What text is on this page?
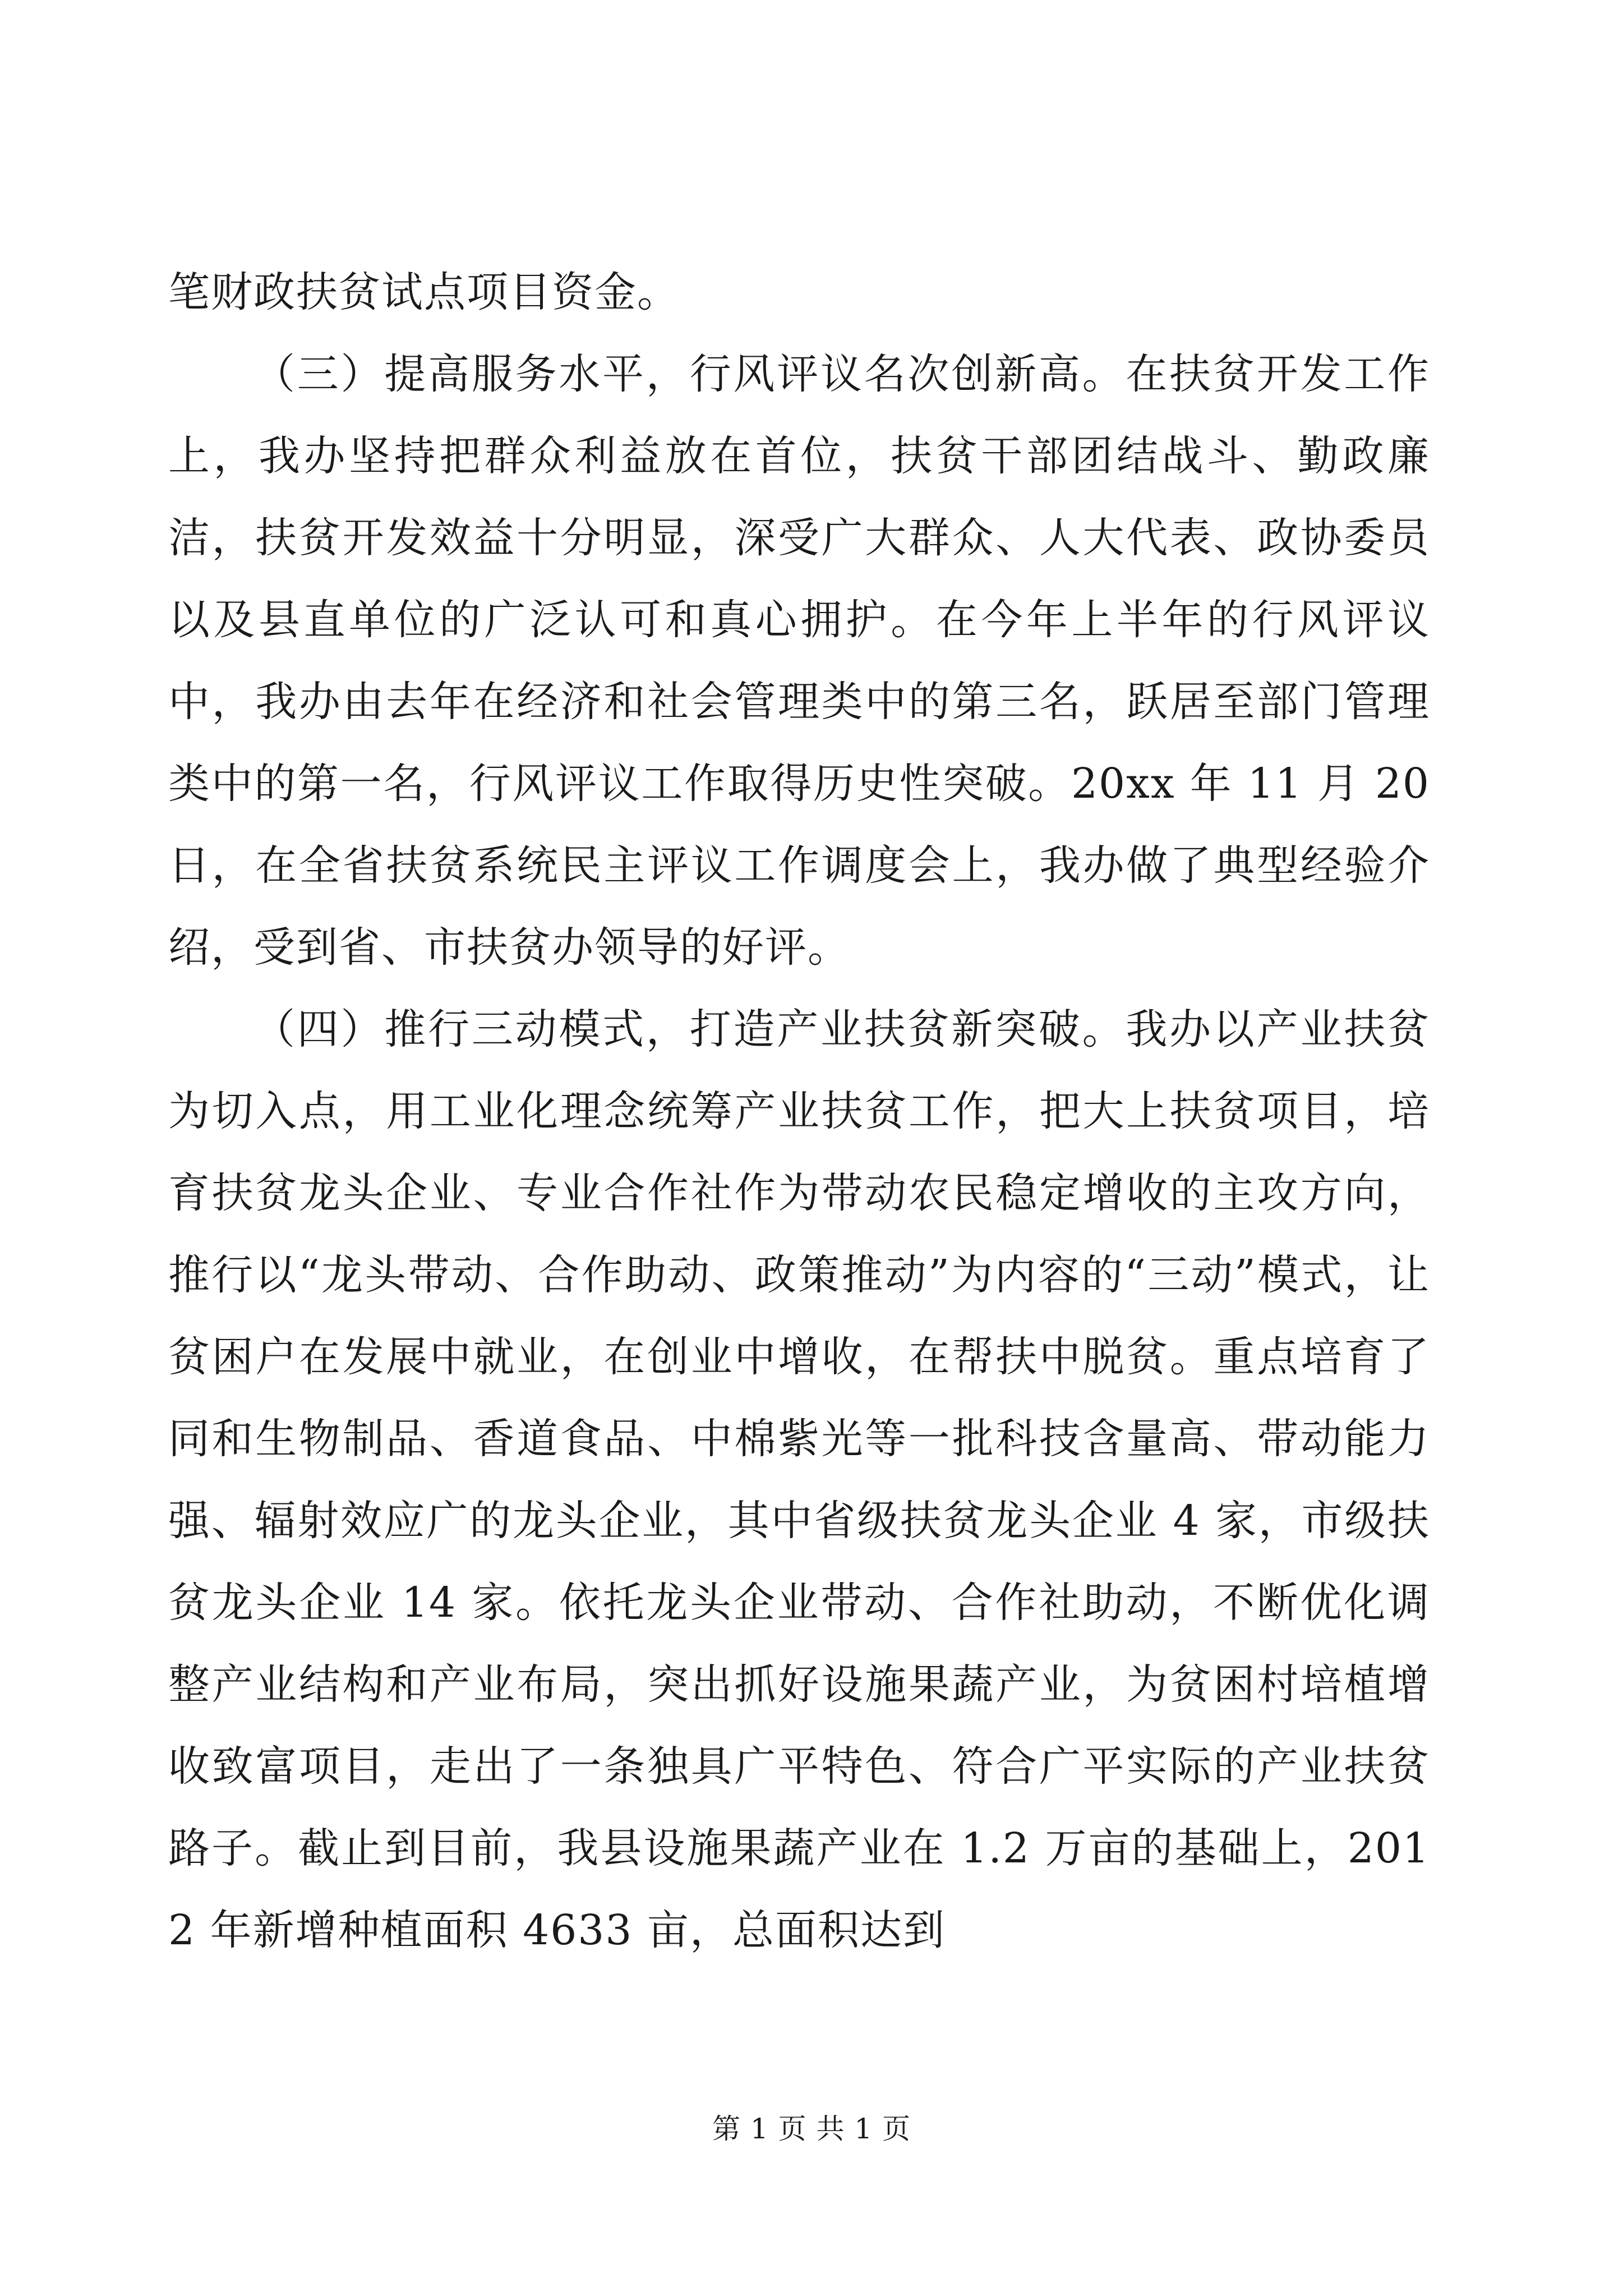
笔财政扶贫试点项目资金。

（三）提高服务水平，行风评议名次创新高。在扶贫开发工作上，我办坚持把群众利益放在首位，扶贫干部团结战斗、勤政廉洁，扶贫开发效益十分明显，深受广大群众、人大代表、政协委员以及县直单位的广泛认可和真心拥护。在今年上半年的行风评议中，我办由去年在经济和社会管理类中的第三名，跃居至部门管理类中的第一名，行风评议工作取得历史性突破。20xx 年 11 月 20 日，在全省扶贫系统民主评议工作调度会上，我办做了典型经验介绍，受到省、市扶贫办领导的好评。

（四）推行三动模式，打造产业扶贫新突破。我办以产业扶贫为切入点，用工业化理念统筹产业扶贫工作，把大上扶贫项目，培育扶贫龙头企业、专业合作社作为带动农民稳定增收的主攻方向，推行以“龙头带动、合作助动、政策推动”为内容的“三动”模式，让贫困户在发展中就业，在创业中增收，在帮扶中脱贫。重点培育了同和生物制品、香道食品、中棉紫光等一批科技含量高、带动能力强、辐射效应广的龙头企业，其中省级扶贫龙头企业 4 家，市级扶贫龙头企业 14 家。依托龙头企业带动、合作社助动，不断优化调整产业结构和产业布局，突出抓好设施果蔬产业，为贫困村培植增收致富项目，走出了一条独具广平特色、符合广平实际的产业扶贫路子。截止到目前，我县设施果蔬产业在 1.2 万亩的基础上，2012 年新增种植面积 4633 亩，总面积达到

第 1 页 共 1 页
